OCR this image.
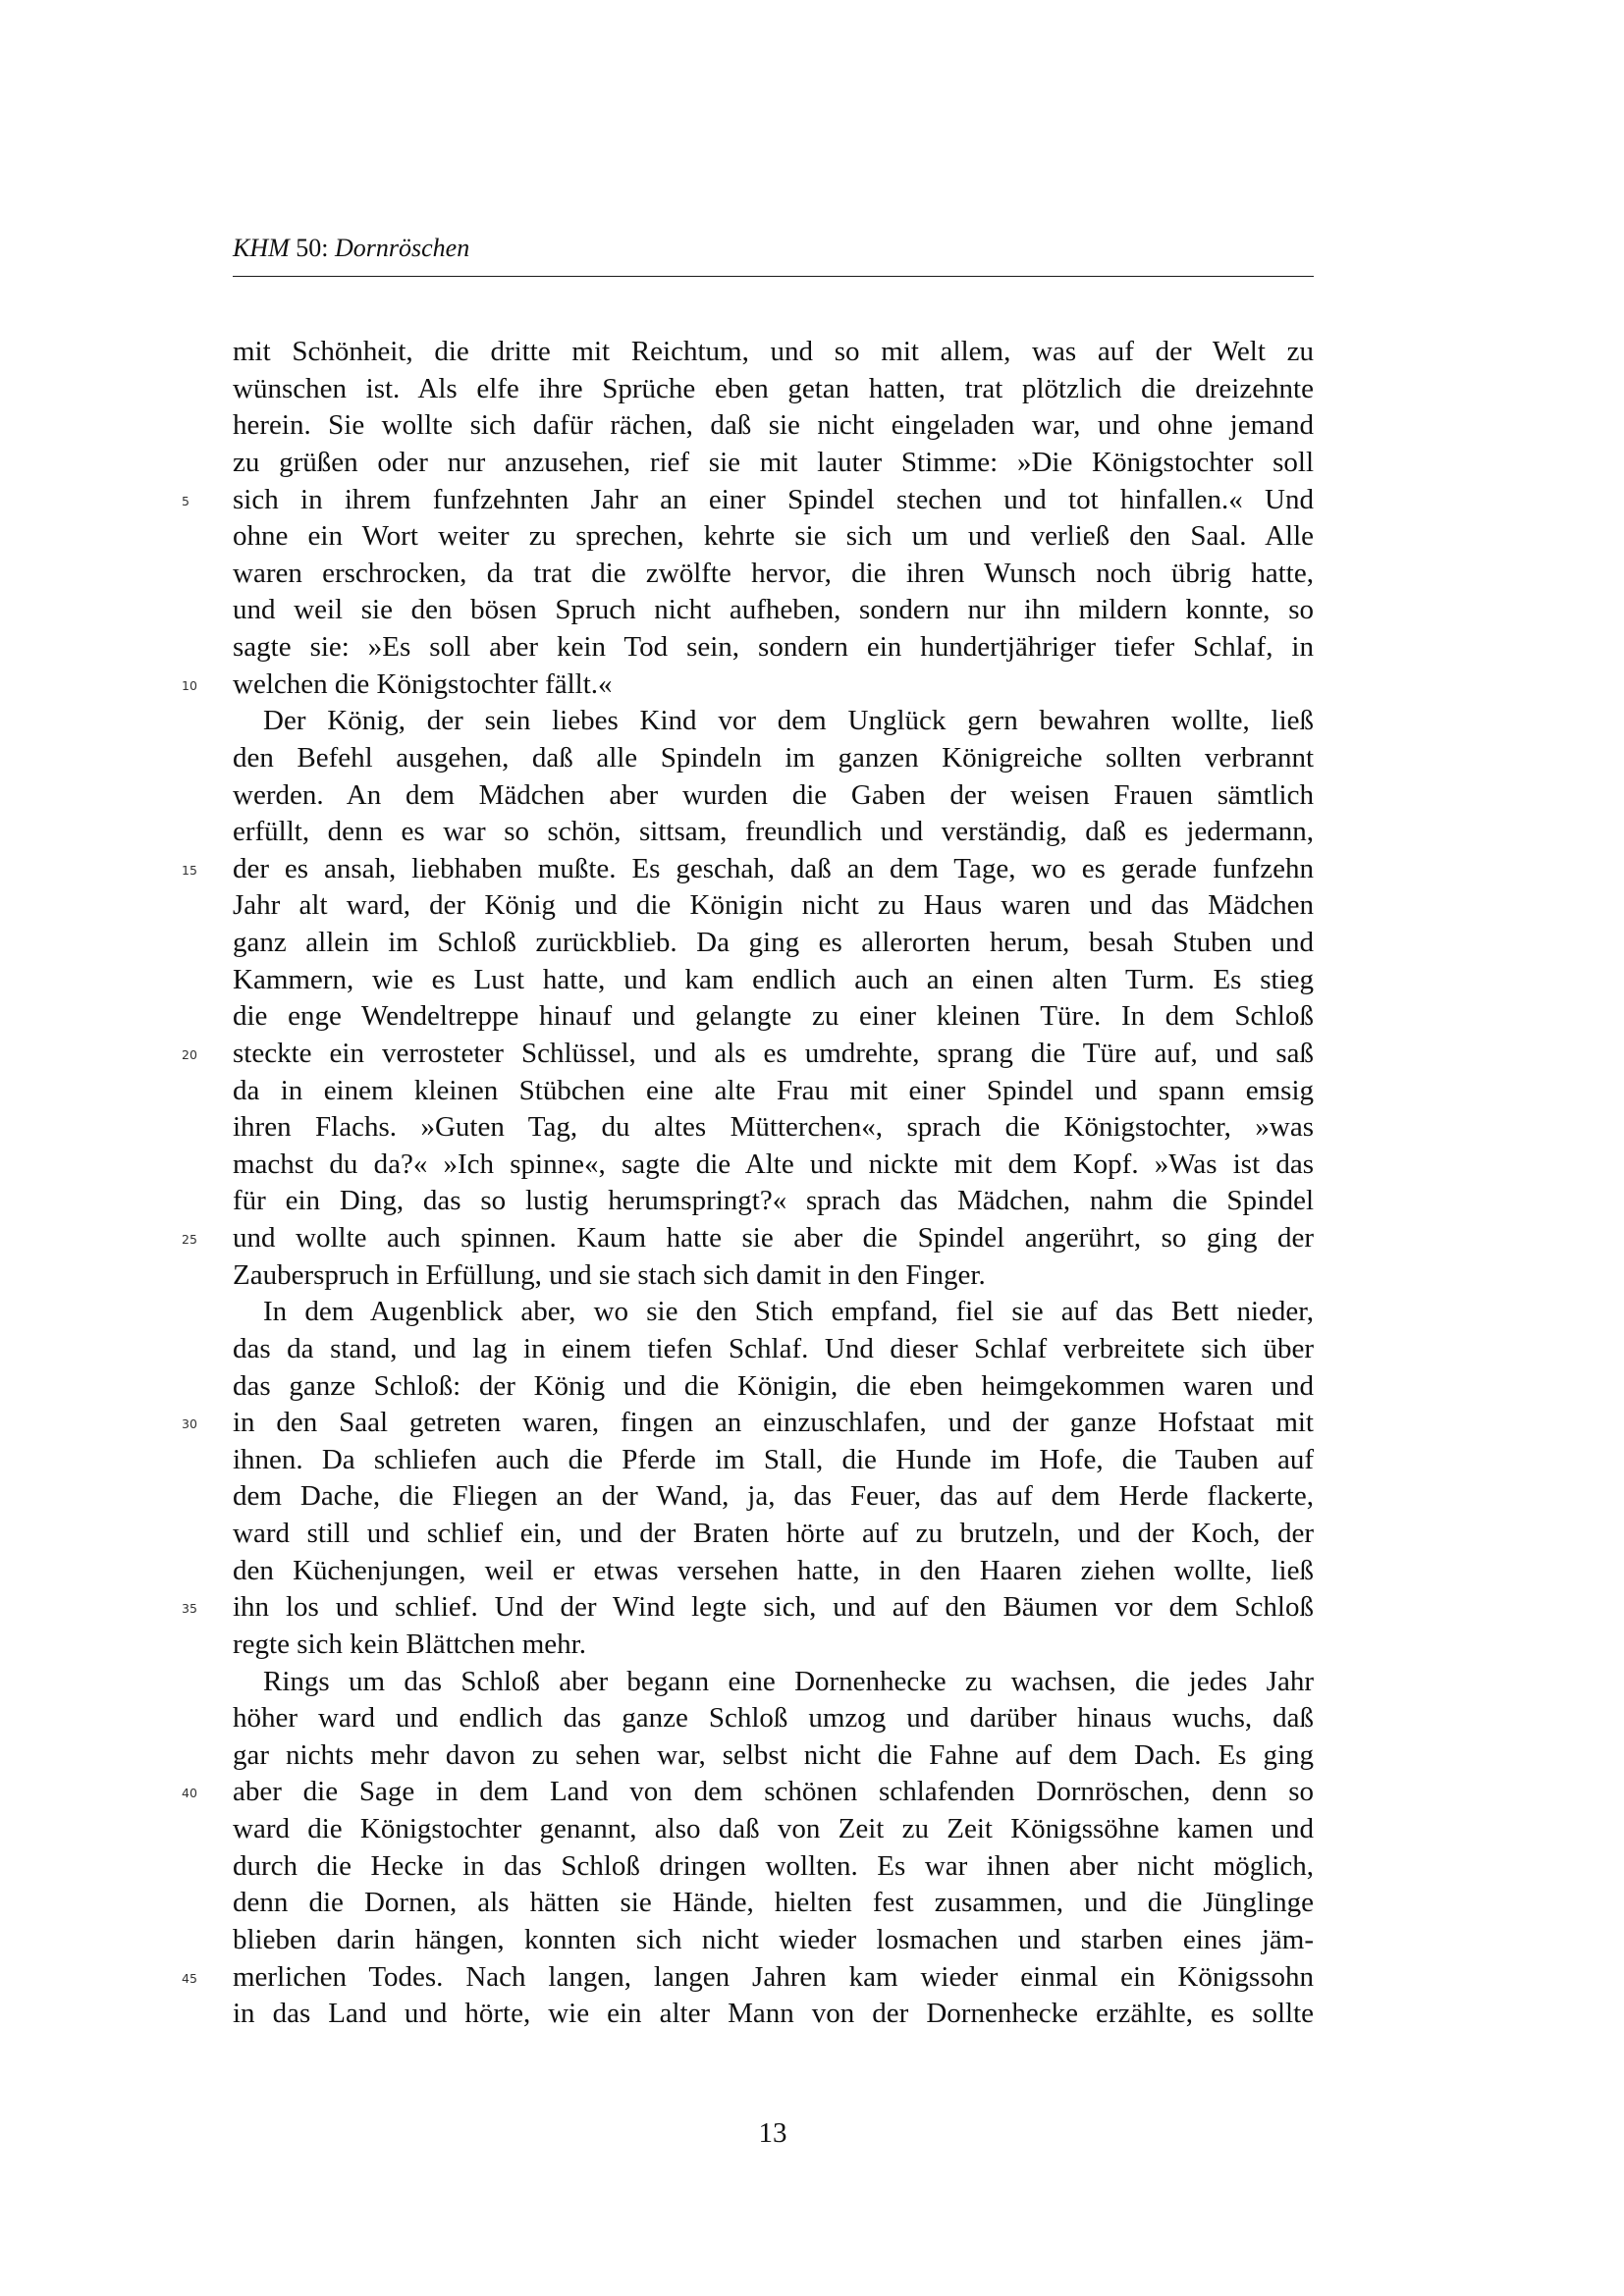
KHM 50: Dornröschen
mit Schönheit, die dritte mit Reichtum, und so mit allem, was auf der Welt zu
wünschen ist. Als elfe ihre Sprüche eben getan hatten, trat plötzlich die dreizehnte
herein. Sie wollte sich dafür rächen, daß sie nicht eingeladen war, und ohne jemand
zu grüßen oder nur anzusehen, rief sie mit lauter Stimme: »Die Königstochter soll
sich in ihrem funfzehnten Jahr an einer Spindel stechen und tot hinfallen.« Und
5
ohne ein Wort weiter zu sprechen, kehrte sie sich um und verließ den Saal. Alle
waren erschrocken, da trat die zwölfte hervor, die ihren Wunsch noch übrig hatte,
und weil sie den bösen Spruch nicht aufheben, sondern nur ihn mildern konnte, so
sagte sie: »Es soll aber kein Tod sein, sondern ein hundertjähriger tiefer Schlaf, in
welchen die Königstochter fällt.«
10
Der König, der sein liebes Kind vor dem Unglück gern bewahren wollte, ließ
den Befehl ausgehen, daß alle Spindeln im ganzen Königreiche sollten verbrannt
werden. An dem Mädchen aber wurden die Gaben der weisen Frauen sämtlich
erfüllt, denn es war so schön, sittsam, freundlich und verständig, daß es jedermann,
der es ansah, liebhaben mußte. Es geschah, daß an dem Tage, wo es gerade funfzehn
15
Jahr alt ward, der König und die Königin nicht zu Haus waren und das Mädchen
ganz allein im Schloß zurückblieb. Da ging es allerorten herum, besah Stuben und
Kammern, wie es Lust hatte, und kam endlich auch an einen alten Turm. Es stieg
die enge Wendeltreppe hinauf und gelangte zu einer kleinen Türe. In dem Schloß
steckte ein verrosteter Schlüssel, und als es umdrehte, sprang die Türe auf, und saß
20
da in einem kleinen Stübchen eine alte Frau mit einer Spindel und spann emsig
ihren Flachs. »Guten Tag, du altes Mütterchen«, sprach die Königstochter, »was
machst du da?« »Ich spinne«, sagte die Alte und nickte mit dem Kopf. »Was ist das
für ein Ding, das so lustig herumspringt?« sprach das Mädchen, nahm die Spindel
und wollte auch spinnen. Kaum hatte sie aber die Spindel angerührt, so ging der
25
Zauberspruch in Erfüllung, und sie stach sich damit in den Finger.
In dem Augenblick aber, wo sie den Stich empfand, fiel sie auf das Bett nieder,
das da stand, und lag in einem tiefen Schlaf. Und dieser Schlaf verbreitete sich über
das ganze Schloß: der König und die Königin, die eben heimgekommen waren und
in den Saal getreten waren, fingen an einzuschlafen, und der ganze Hofstaat mit
30
ihnen. Da schliefen auch die Pferde im Stall, die Hunde im Hofe, die Tauben auf
dem Dache, die Fliegen an der Wand, ja, das Feuer, das auf dem Herde flackerte,
ward still und schlief ein, und der Braten hörte auf zu brutzeln, und der Koch, der
den Küchenjungen, weil er etwas versehen hatte, in den Haaren ziehen wollte, ließ
ihn los und schlief. Und der Wind legte sich, und auf den Bäumen vor dem Schloß
35
regte sich kein Blättchen mehr.
Rings um das Schloß aber begann eine Dornenhecke zu wachsen, die jedes Jahr
höher ward und endlich das ganze Schloß umzog und darüber hinaus wuchs, daß
gar nichts mehr davon zu sehen war, selbst nicht die Fahne auf dem Dach. Es ging
aber die Sage in dem Land von dem schönen schlafenden Dornröschen, denn so
40
ward die Königstochter genannt, also daß von Zeit zu Zeit Königssöhne kamen und
durch die Hecke in das Schloß dringen wollten. Es war ihnen aber nicht möglich,
denn die Dornen, als hätten sie Hände, hielten fest zusammen, und die Jünglinge
blieben darin hängen, konnten sich nicht wieder losmachen und starben eines jäm-
merlichen Todes. Nach langen, langen Jahren kam wieder einmal ein Königssohn
45
in das Land und hörte, wie ein alter Mann von der Dornenhecke erzählte, es sollte
13
